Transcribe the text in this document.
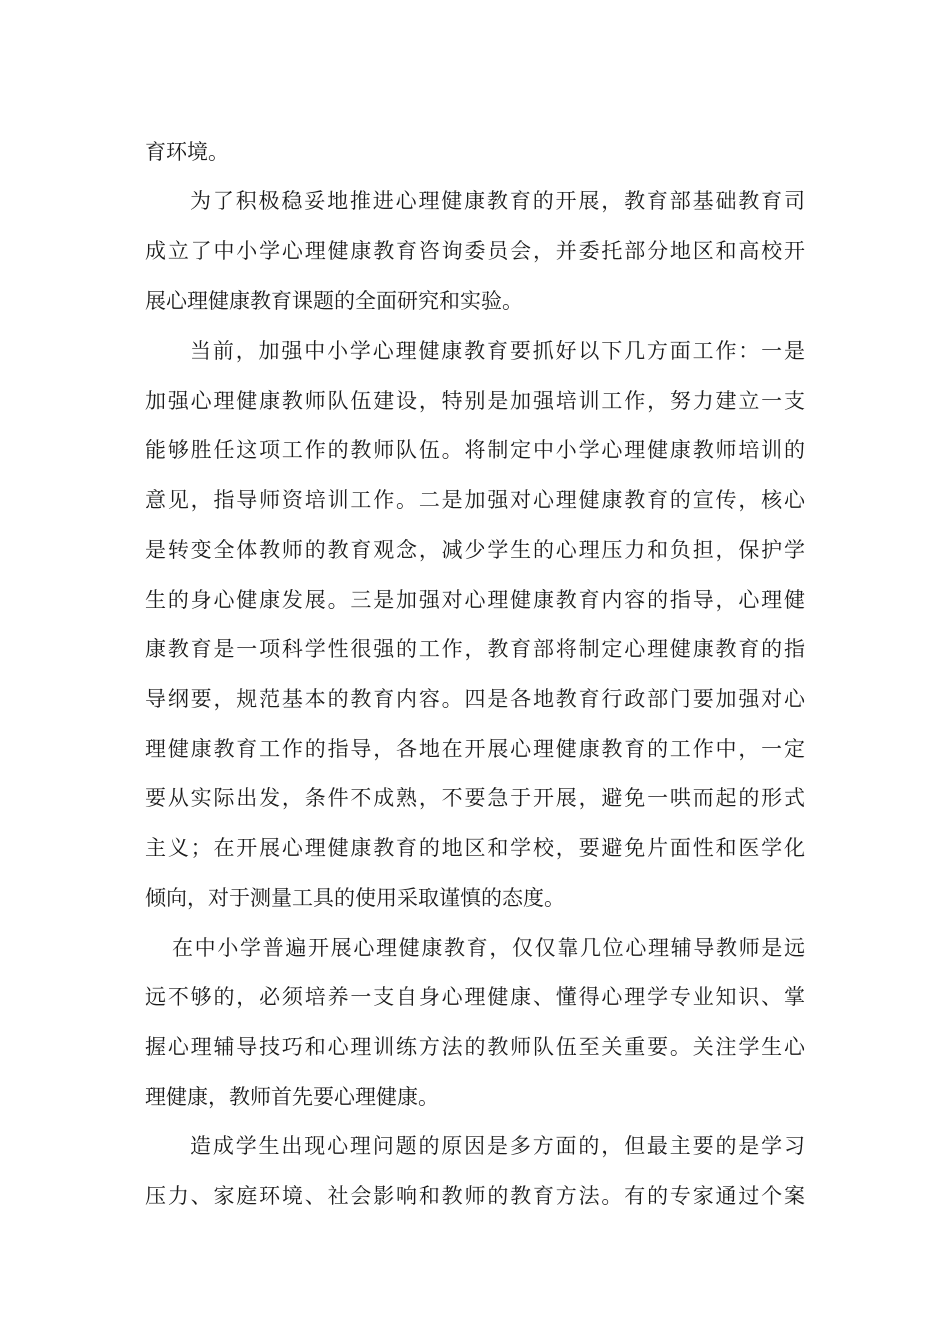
育环境。
为了积极稳妥地推进心理健康教育的开展，教育部基础教育司
成立了中小学心理健康教育咨询委员会，并委托部分地区和高校开
展心理健康教育课题的全面研究和实验。
当前，加强中小学心理健康教育要抓好以下几方面工作：一是
加强心理健康教师队伍建设，特别是加强培训工作，努力建立一支
能够胜任这项工作的教师队伍。将制定中小学心理健康教师培训的
意见，指导师资培训工作。二是加强对心理健康教育的宣传，核心
是转变全体教师的教育观念，减少学生的心理压力和负担，保护学
生的身心健康发展。三是加强对心理健康教育内容的指导，心理健
康教育是一项科学性很强的工作，教育部将制定心理健康教育的指
导纲要，规范基本的教育内容。四是各地教育行政部门要加强对心
理健康教育工作的指导，各地在开展心理健康教育的工作中，一定
要从实际出发，条件不成熟，不要急于开展，避免一哄而起的形式
主义；在开展心理健康教育的地区和学校，要避免片面性和医学化
倾向，对于测量工具的使用采取谨慎的态度。
在中小学普遍开展心理健康教育，仅仅靠几位心理辅导教师是远
远不够的，必须培养一支自身心理健康、懂得心理学专业知识、掌
握心理辅导技巧和心理训练方法的教师队伍至关重要。关注学生心
理健康，教师首先要心理健康。
造成学生出现心理问题的原因是多方面的，但最主要的是学习
压力、家庭环境、社会影响和教师的教育方法。有的专家通过个案
